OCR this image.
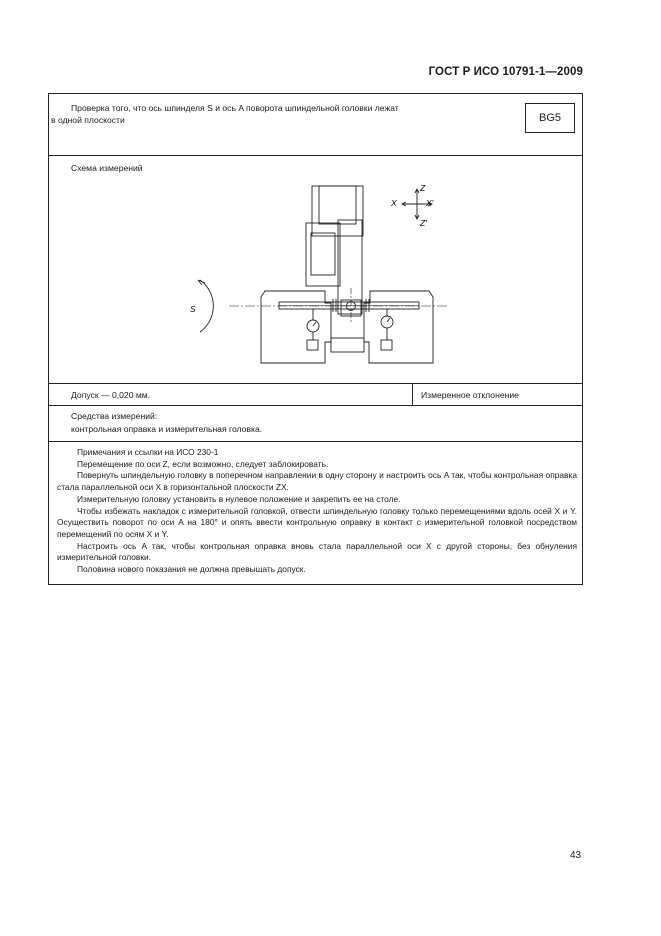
ГОСТ Р ИСО 10791-1—2009
Проверка того, что ось шпинделя S и ось A поворота шпиндельной головки лежат
в одной плоскости	BG5
Схема измерений
Z
Z'
X	X'
S
Допуск — 0,020 мм.	Измеренное отклонение
Средства измерений:
контрольная оправка и измерительная головка.

Примечания и ссылки на ИСО 230-1

Перемещение по оси Z, если возможно, следует заблокировать.

Повернуть шпиндельную головку в поперечном направлении в одну сторону и настроить ось A так, чтобы контрольная оправка стала параллельной оси X в горизонтальной плоскости ZX.

Измерительную головку установить в нулевое положение и закрепить ее на столе.

Чтобы избежать накладок с измерительной головкой, отвести шпиндельную головку только перемещениями вдоль осей X и Y. Осуществить поворот по оси A на 180° и опять ввести контрольную оправку в контакт с измерительной головкой посредством перемещений по осям X и Y.

Настроить ось A так, чтобы контрольная оправка вновь стала параллельной оси X с другой стороны, без обнуления измерительной головки.

Половина нового показания не должна превышать допуск.

43
